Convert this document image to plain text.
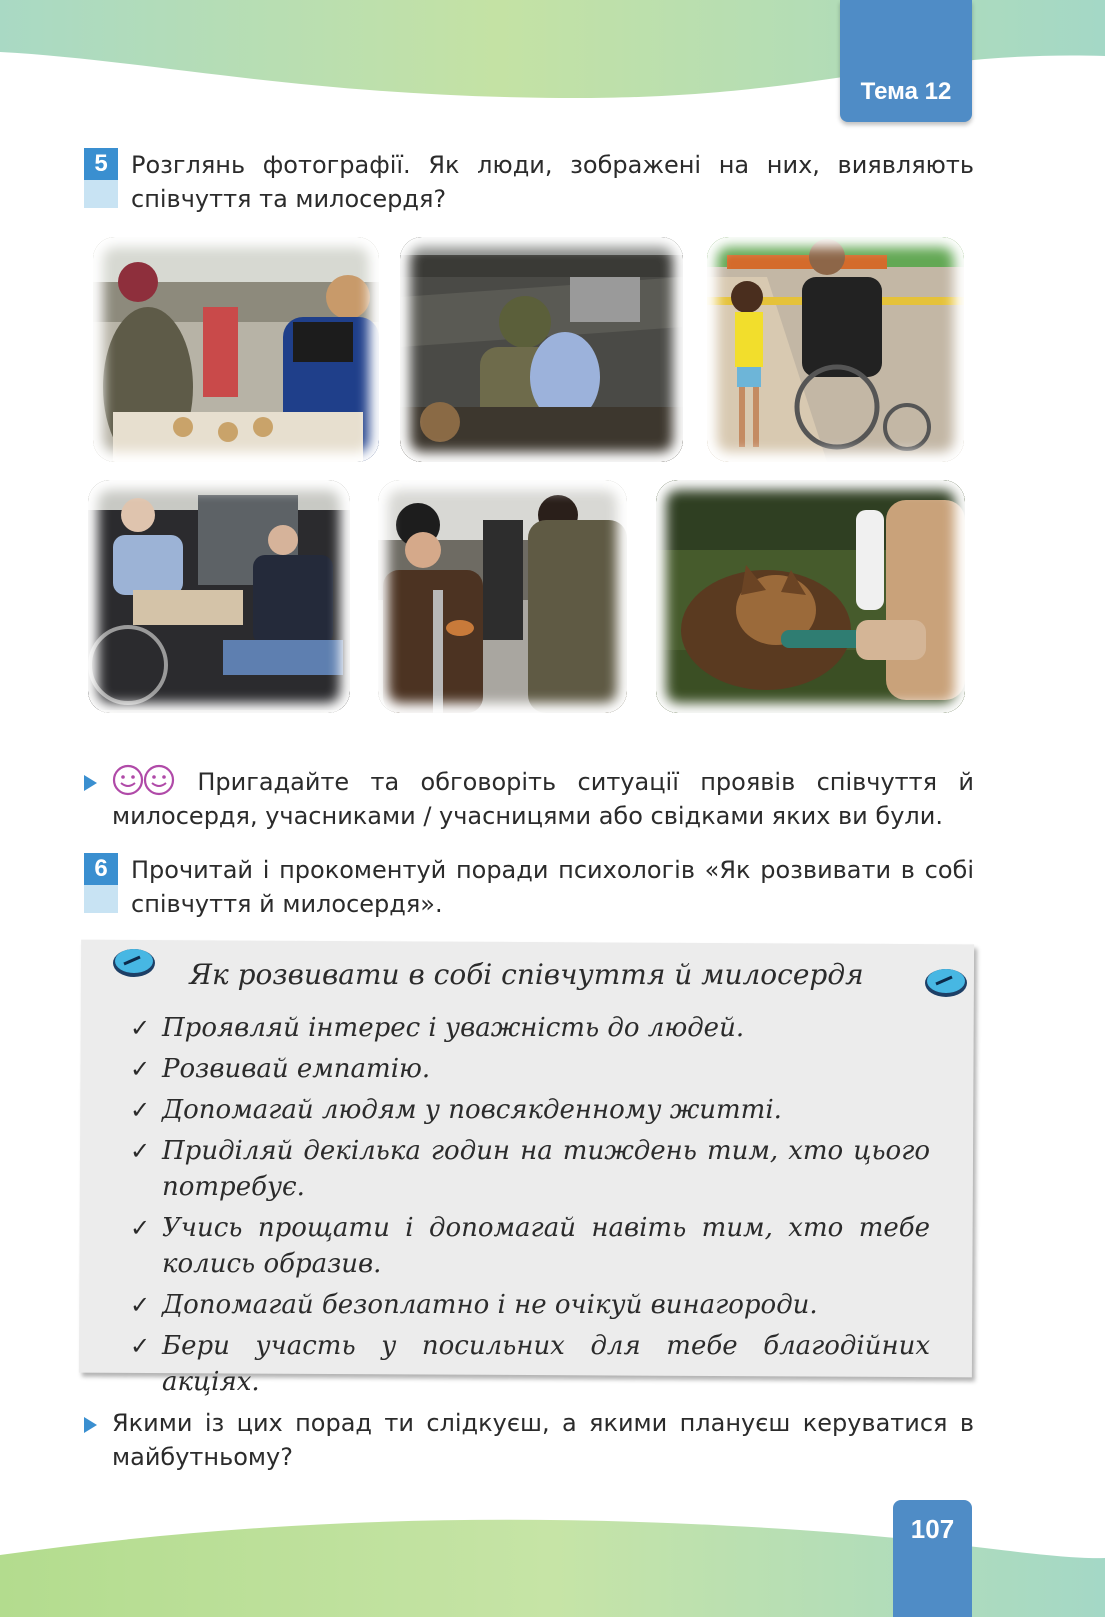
Тема 12
5 Розглянь фотографії. Як люди, зображені на них, виявляють співчуття та милосердя?
Пригадайте та обговоріть ситуації проявів співчуття й милосердя, учасниками / учасницями або свідками яких ви були.
6 Прочитай і прокоментуй поради психологів «Як розвивати в собі співчуття й милосердя».
Як розвивати в собі співчуття й милосердя
✓ Проявляй інтерес і уважність до людей.
✓ Розвивай емпатію.
✓ Допомагай людям у повсякденному житті.
✓ Приділяй декілька годин на тиждень тим, хто цього потребує.
✓ Учись прощати і допомагай навіть тим, хто тебе колись образив.
✓ Допомагай безоплатно і не очікуй винагороди.
✓ Бери участь у посильних для тебе благодійних акціях.
Якими із цих порад ти слідкуєш, а якими плануєш керуватися в майбутньому?
107
